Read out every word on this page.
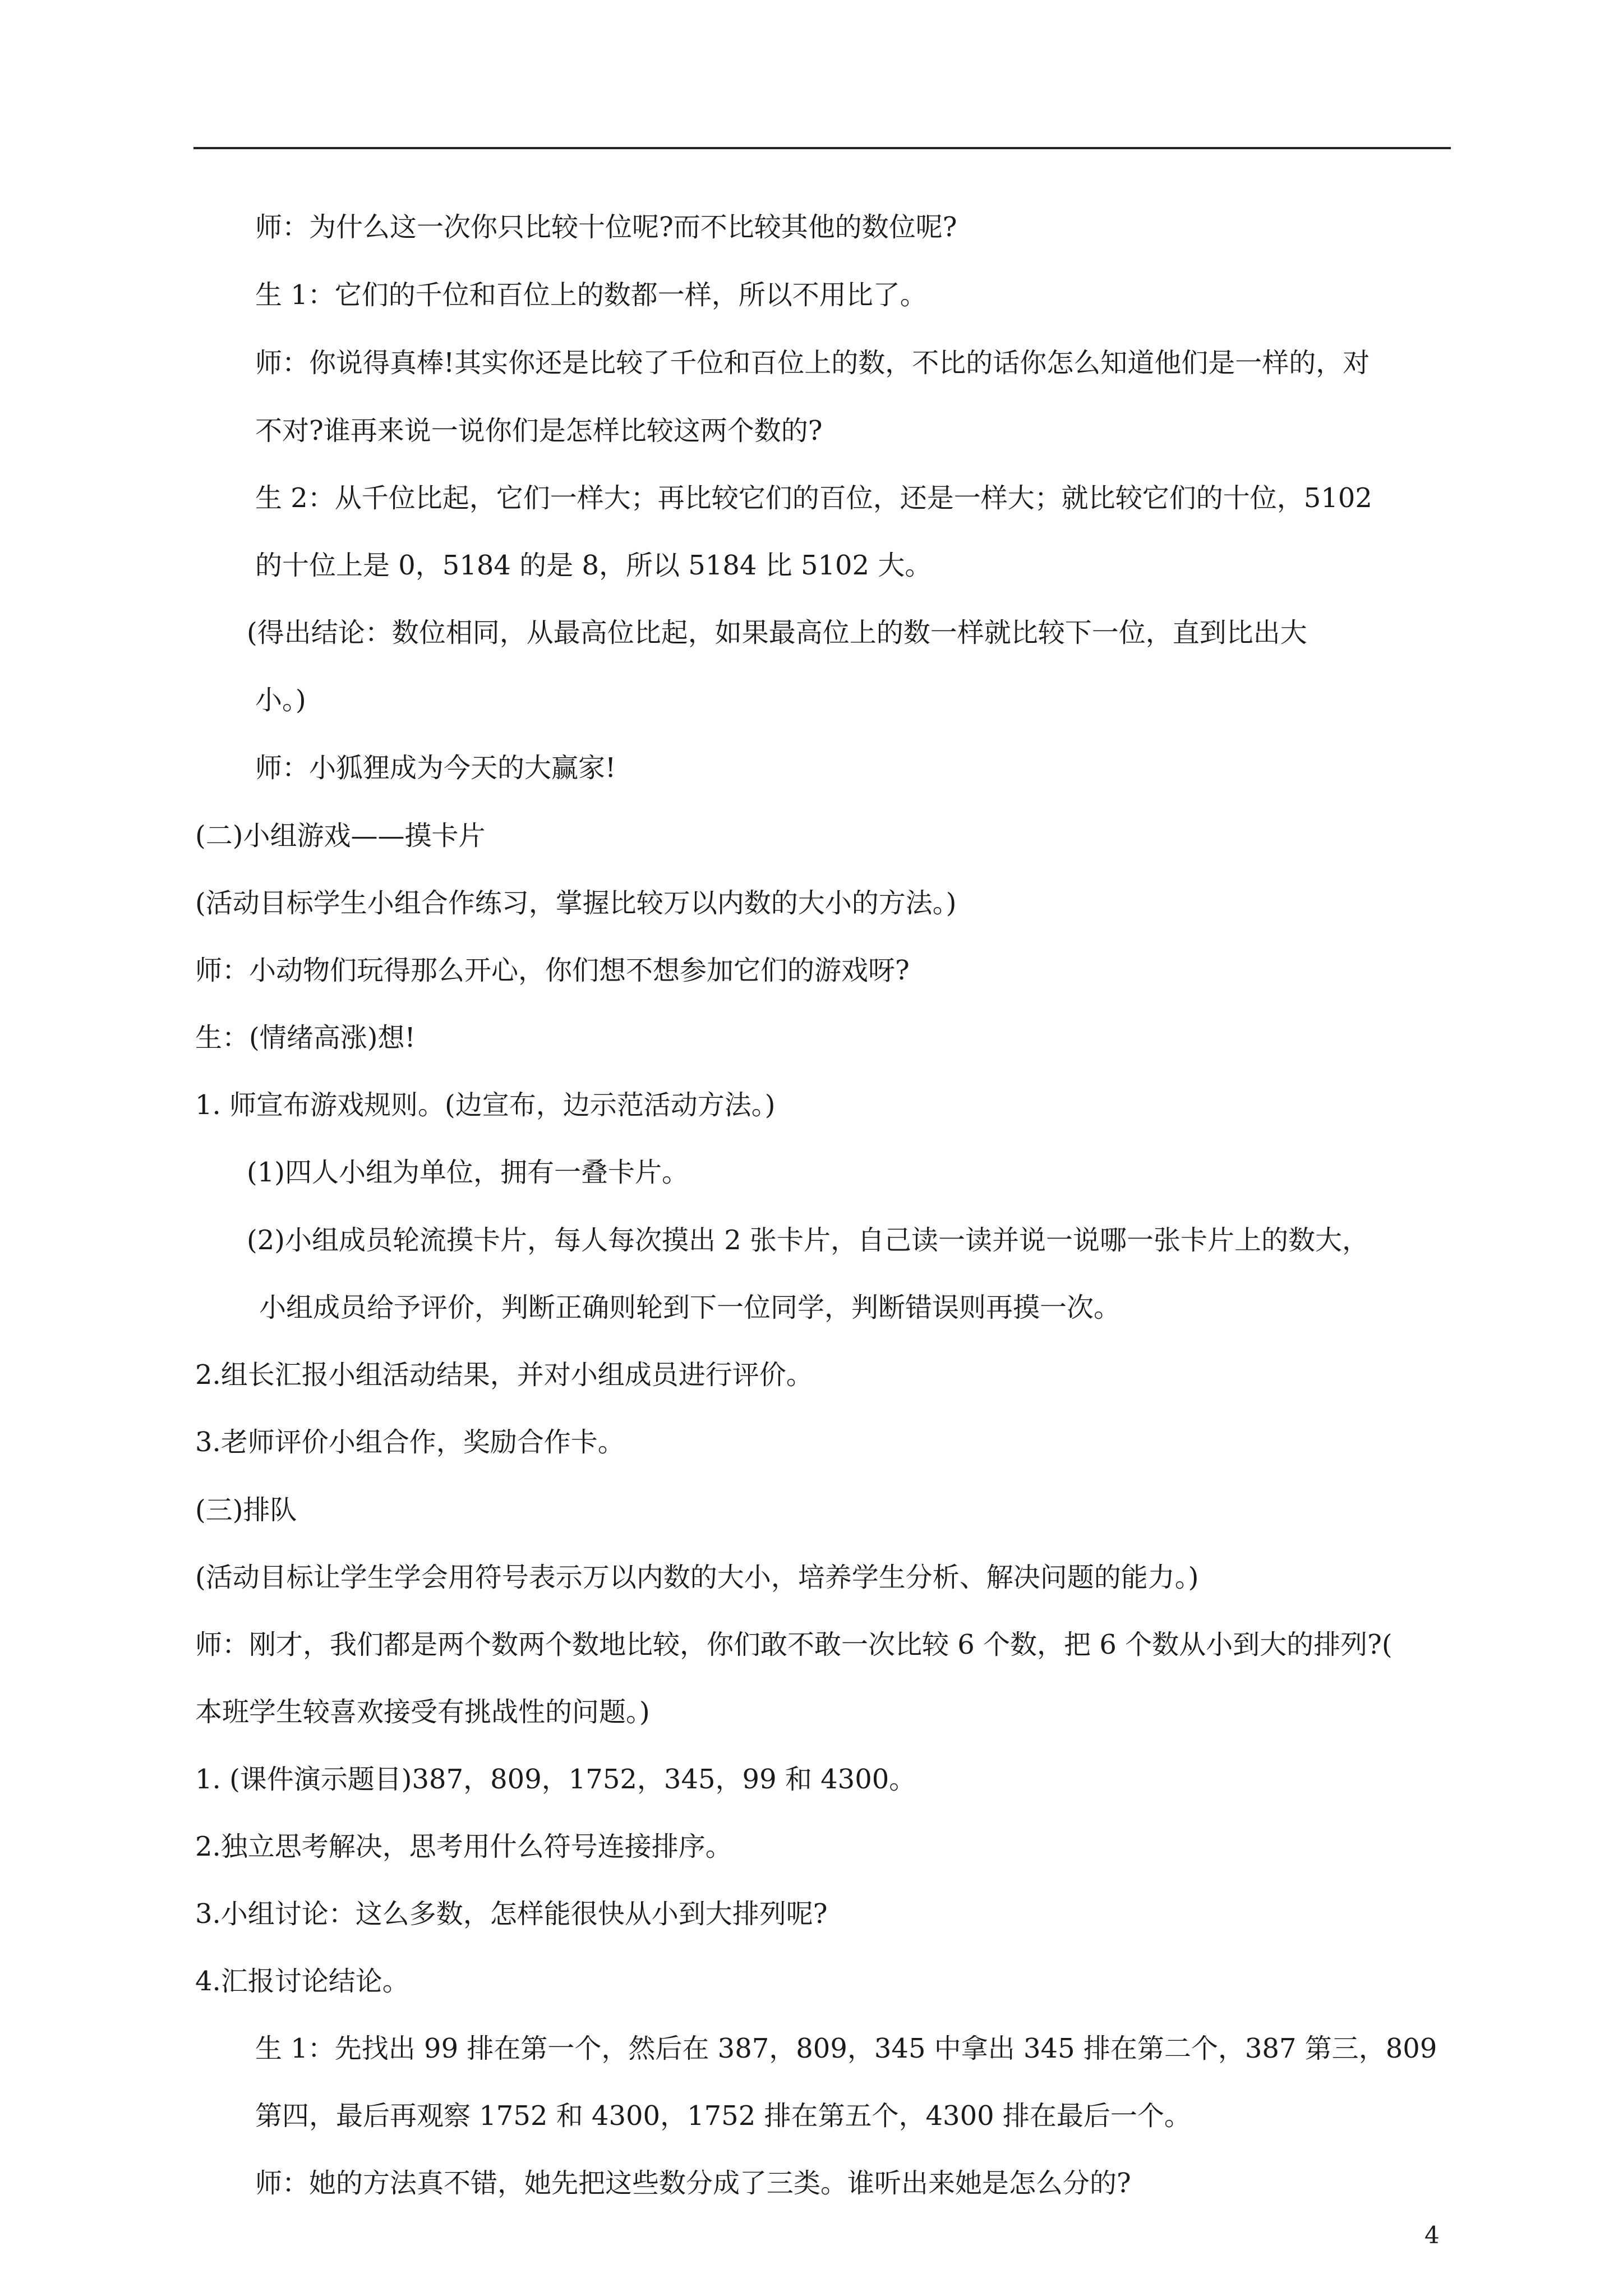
师：为什么这一次你只比较十位呢?而不比较其他的数位呢?
生 1：它们的千位和百位上的数都一样，所以不用比了。
师：你说得真棒!其实你还是比较了千位和百位上的数，不比的话你怎么知道他们是一样的，对
不对?谁再来说一说你们是怎样比较这两个数的?
生 2：从千位比起，它们一样大；再比较它们的百位，还是一样大；就比较它们的十位，5102
的十位上是 0，5184 的是 8，所以 5184 比 5102 大。
(得出结论：数位相同，从最高位比起，如果最高位上的数一样就比较下一位，直到比出大
小。)
师：小狐狸成为今天的大赢家!
(二)小组游戏——摸卡片
(活动目标学生小组合作练习，掌握比较万以内数的大小的方法。)
师：小动物们玩得那么开心，你们想不想参加它们的游戏呀?
生：(情绪高涨)想!
1. 师宣布游戏规则。(边宣布，边示范活动方法。)
(1)四人小组为单位，拥有一叠卡片。
(2)小组成员轮流摸卡片，每人每次摸出 2 张卡片，自己读一读并说一说哪一张卡片上的数大，
小组成员给予评价，判断正确则轮到下一位同学，判断错误则再摸一次。
2.组长汇报小组活动结果，并对小组成员进行评价。
3.老师评价小组合作，奖励合作卡。
(三)排队
(活动目标让学生学会用符号表示万以内数的大小，培养学生分析、解决问题的能力。)
师：刚才，我们都是两个数两个数地比较，你们敢不敢一次比较 6 个数，把 6 个数从小到大的排列?(
本班学生较喜欢接受有挑战性的问题。)
1. (课件演示题目)387，809，1752，345，99 和 4300。
2.独立思考解决，思考用什么符号连接排序。
3.小组讨论：这么多数，怎样能很快从小到大排列呢?
4.汇报讨论结论。
生 1：先找出 99 排在第一个，然后在 387，809，345 中拿出 345 排在第二个，387 第三，809
第四，最后再观察 1752 和 4300，1752 排在第五个，4300 排在最后一个。
师：她的方法真不错，她先把这些数分成了三类。谁听出来她是怎么分的?
4
